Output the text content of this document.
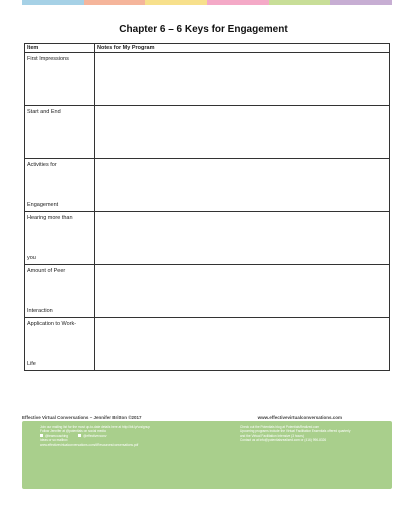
Chapter 6 – 6 Keys for Engagement
Item	Notes for My Program

First Impressions	

Start and End	

Activities for
Engagement	

Hearing more than
you	

Amount of Peer
Interaction	

Application to Work-
Life	

Effective Virtual Conversations – Jennifer Britton ©2017	www.effectivevirtualconversations.com
Join our mailing list for the most up-to-date details here at http://bit.ly/vcsignup
Follow Jennifer at @potentials on social media
@teamcoaching	@effectivevconv
Ideas or so mailbox
www.effectivevirtualconversations.com/#Resources/conversations.pdf
Check out the Potentials blog at PotentialsRealized.com
Upcoming programs include the Virtual Facilitation Essentials offered quarterly
and the Virtual Facilitation Intensive (3 hours)
Contact us at info@potentialsrealized.com or (416) 996-8326
